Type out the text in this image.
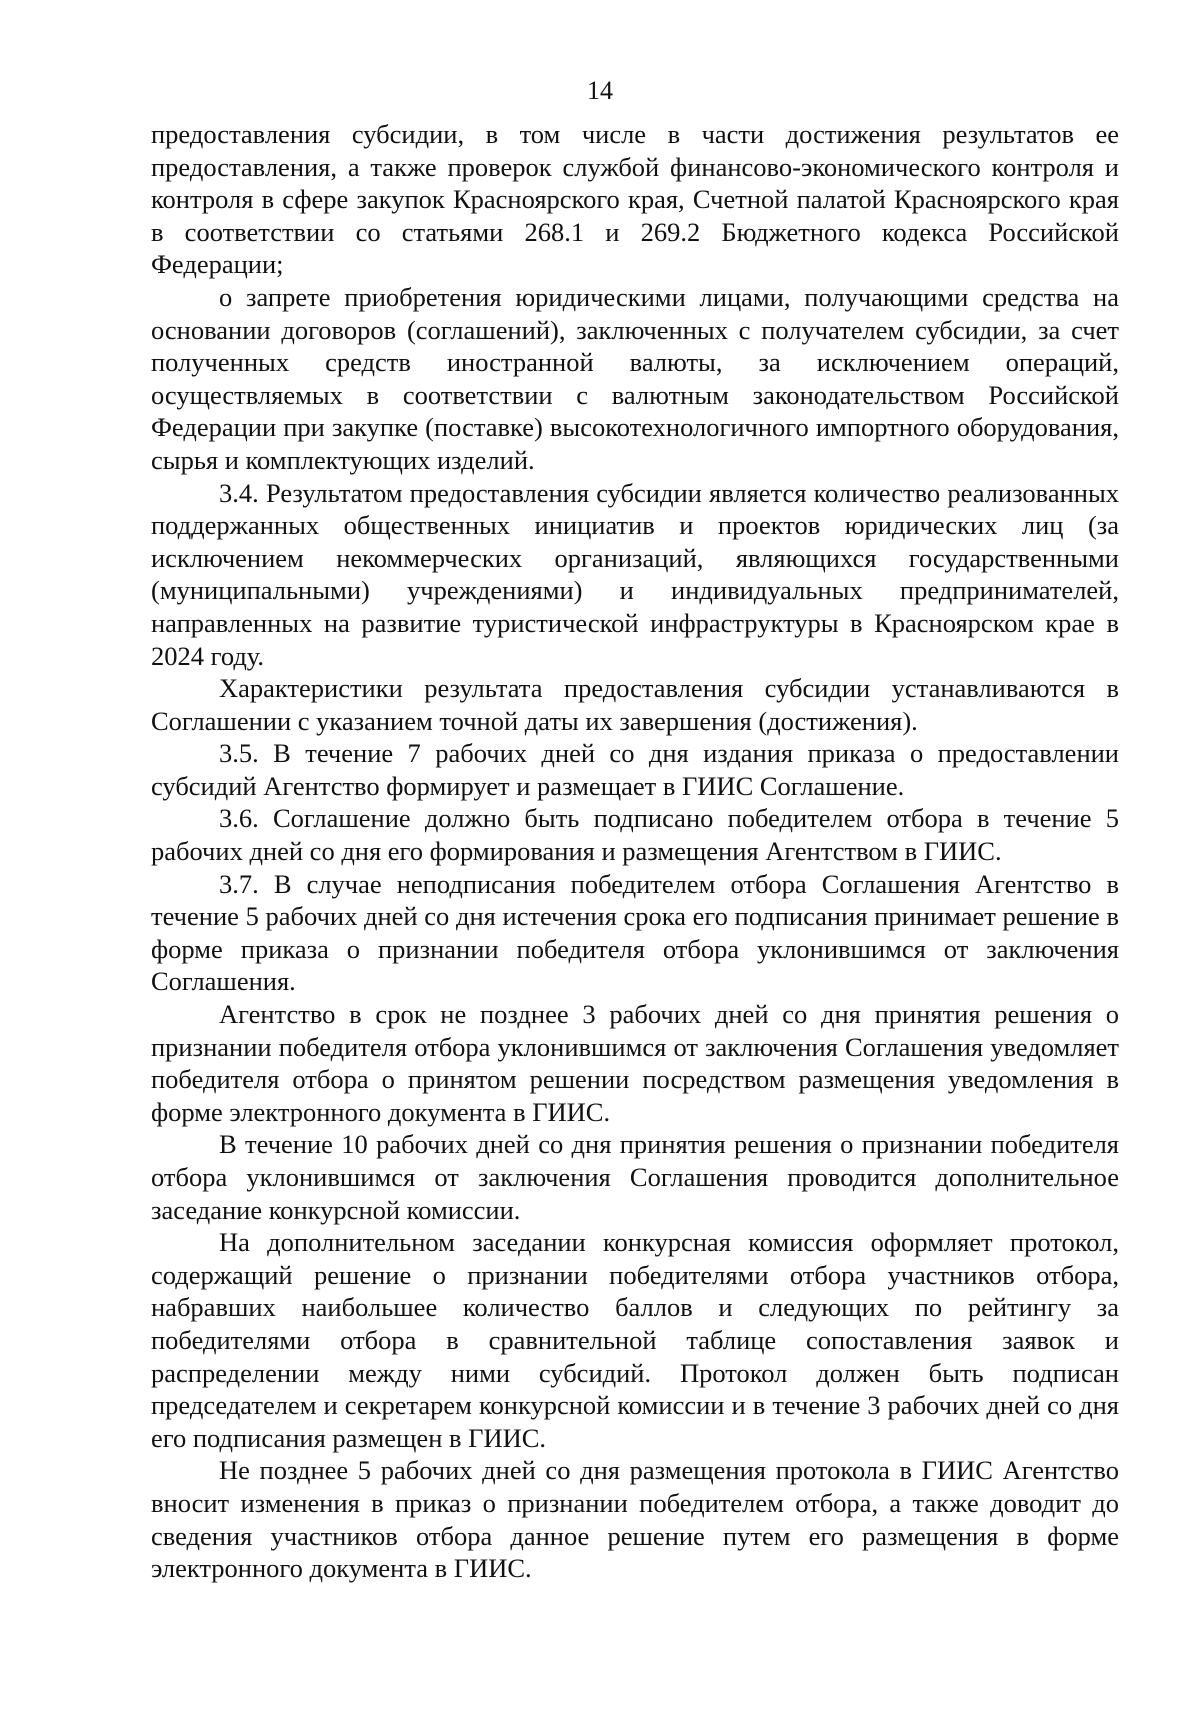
14

предоставления субсидии, в том числе в части достижения результатов ее предоставления, а также проверок службой финансово-экономического контроля и контроля в сфере закупок Красноярского края, Счетной палатой Красноярского края в соответствии со статьями 268.1 и 269.2 Бюджетного кодекса Российской Федерации;

о запрете приобретения юридическими лицами, получающими средства на основании договоров (соглашений), заключенных с получателем субсидии, за счет полученных средств иностранной валюты, за исключением операций, осуществляемых в соответствии с валютным законодательством Российской Федерации при закупке (поставке) высокотехнологичного импортного оборудования, сырья и комплектующих изделий.

3.4. Результатом предоставления субсидии является количество реализованных поддержанных общественных инициатив и проектов юридических лиц (за исключением некоммерческих организаций, являющихся государственными (муниципальными) учреждениями) и индивидуальных предпринимателей, направленных на развитие туристической инфраструктуры в Красноярском крае в 2024 году.

Характеристики результата предоставления субсидии устанавливаются в Соглашении с указанием точной даты их завершения (достижения).

3.5. В течение 7 рабочих дней со дня издания приказа о предоставлении субсидий Агентство формирует и размещает в ГИИС Соглашение.

3.6. Соглашение должно быть подписано победителем отбора в течение 5 рабочих дней со дня его формирования и размещения Агентством в ГИИС.

3.7. В случае неподписания победителем отбора Соглашения Агентство в течение 5 рабочих дней со дня истечения срока его подписания принимает решение в форме приказа о признании победителя отбора уклонившимся от заключения Соглашения.

Агентство в срок не позднее 3 рабочих дней со дня принятия решения о признании победителя отбора уклонившимся от заключения Соглашения уведомляет победителя отбора о принятом решении посредством размещения уведомления в форме электронного документа в ГИИС.

В течение 10 рабочих дней со дня принятия решения о признании победителя отбора уклонившимся от заключения Соглашения проводится дополнительное заседание конкурсной комиссии.

На дополнительном заседании конкурсная комиссия оформляет протокол, содержащий решение о признании победителями отбора участников отбора, набравших наибольшее количество баллов и следующих по рейтингу за победителями отбора в сравнительной таблице сопоставления заявок и распределении между ними субсидий. Протокол должен быть подписан председателем и секретарем конкурсной комиссии и в течение 3 рабочих дней со дня его подписания размещен в ГИИС.

Не позднее 5 рабочих дней со дня размещения протокола в ГИИС Агентство вносит изменения в приказ о признании победителем отбора, а также доводит до сведения участников отбора данное решение путем его размещения в форме электронного документа в ГИИС.
